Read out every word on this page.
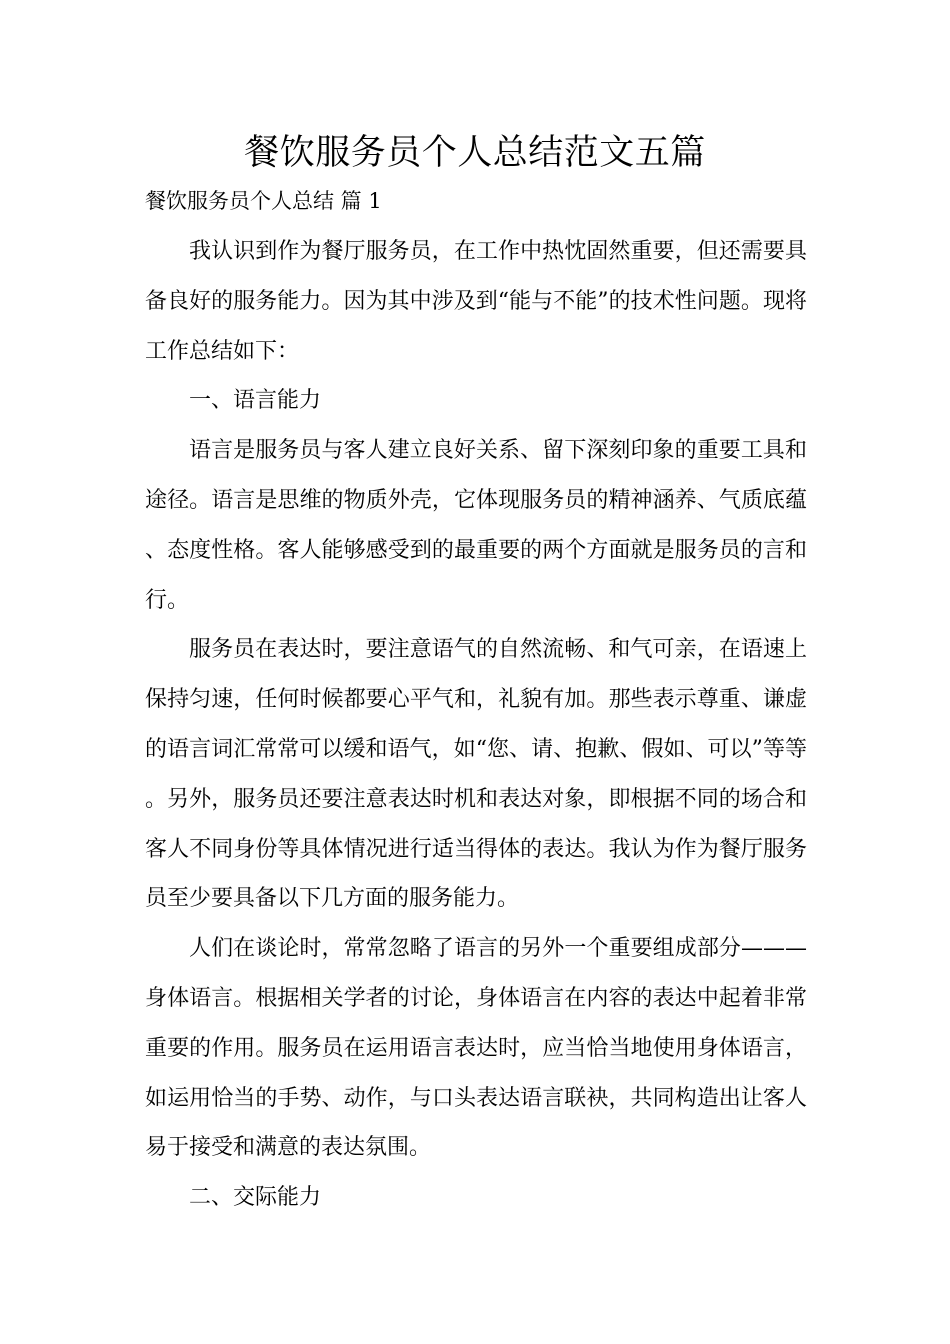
餐饮服务员个人总结范文五篇

餐饮服务员个人总结 篇 1

我认识到作为餐厅服务员，在工作中热忱固然重要，但还需要具备良好的服务能力。因为其中涉及到“能与不能”的技术性问题。现将工作总结如下：

一、语言能力

语言是服务员与客人建立良好关系、留下深刻印象的重要工具和途径。语言是思维的物质外壳，它体现服务员的精神涵养、气质底蕴、态度性格。客人能够感受到的最重要的两个方面就是服务员的言和行。

服务员在表达时，要注意语气的自然流畅、和气可亲，在语速上保持匀速，任何时候都要心平气和，礼貌有加。那些表示尊重、谦虚的语言词汇常常可以缓和语气，如“您、请、抱歉、假如、可以”等等。另外，服务员还要注意表达时机和表达对象，即根据不同的场合和客人不同身份等具体情况进行适当得体的表达。我认为作为餐厅服务员至少要具备以下几方面的服务能力。

人们在谈论时，常常忽略了语言的另外一个重要组成部分———身体语言。根据相关学者的讨论，身体语言在内容的表达中起着非常重要的作用。服务员在运用语言表达时，应当恰当地使用身体语言，如运用恰当的手势、动作，与口头表达语言联袂，共同构造出让客人易于接受和满意的表达氛围。

二、交际能力
